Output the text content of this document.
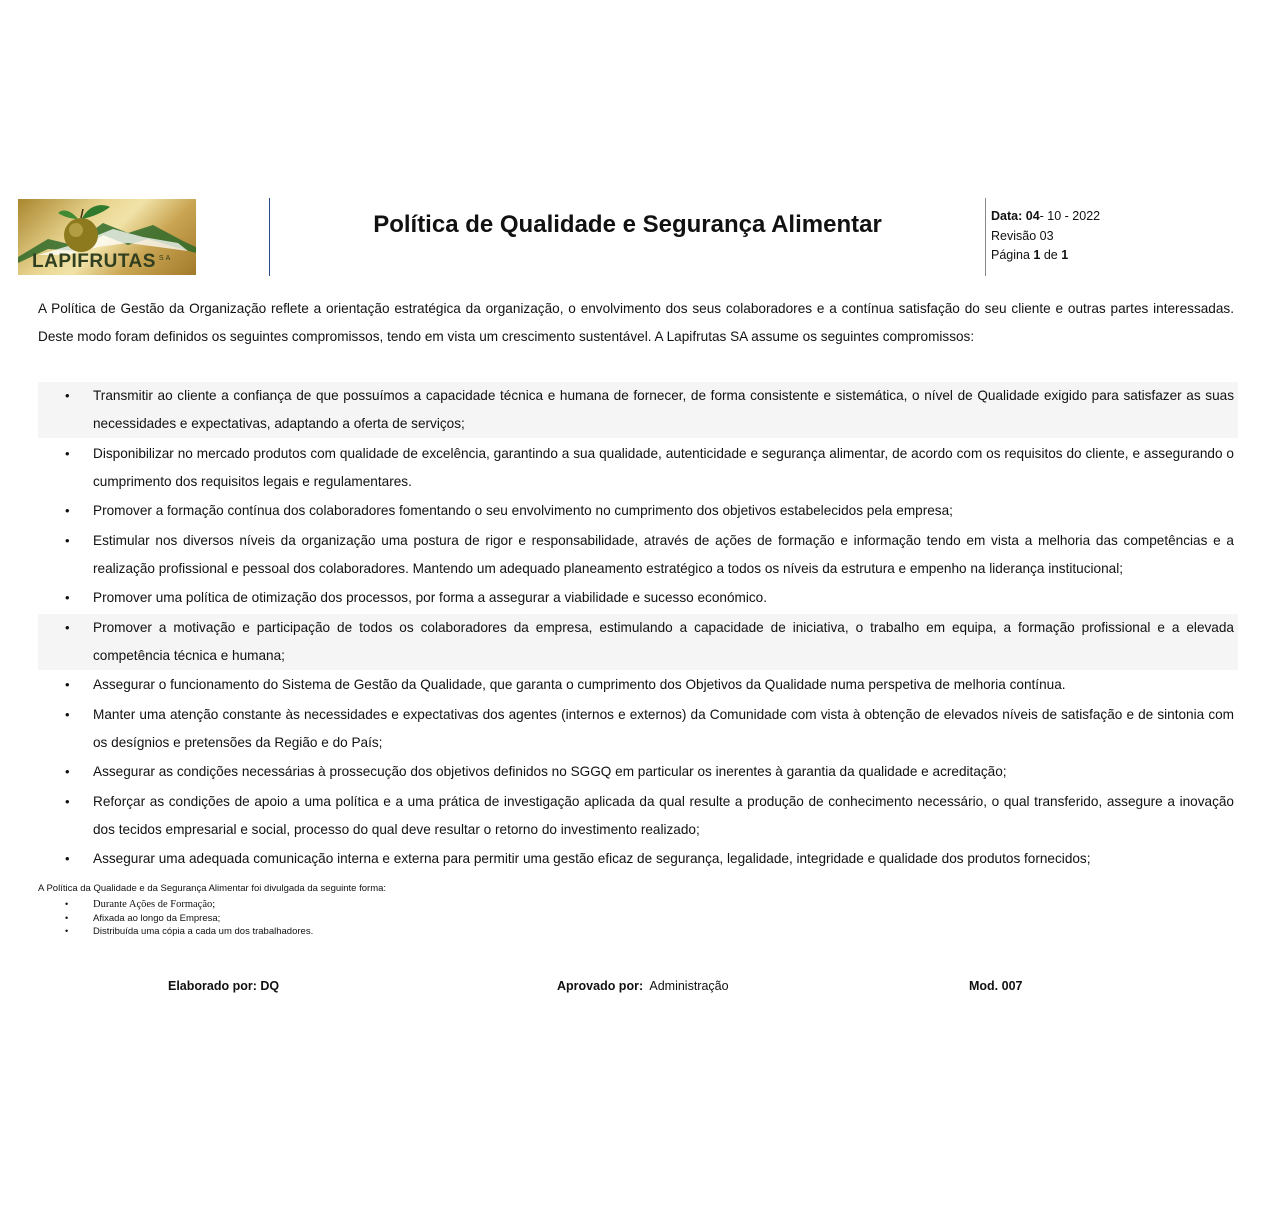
LAPIFRUTAS $^{SA}$
Política de Qualidade e Segurança Alimentar	Data: 04- 10 - 2022
Revisão 03
Página 1 de 1
A Política de Gestão da Organização reflete a orientação estratégica da organização, o envolvimento dos seus colaboradores e a contínua satisfação do seu cliente e outras partes interessadas. Deste modo foram definidos os seguintes compromissos, tendo em vista um crescimento sustentável. A Lapifrutas SA assume os seguintes compromissos:
• Transmitir ao cliente a confiança de que possuímos a capacidade técnica e humana de fornecer, de forma consistente e sistemática, o nível de Qualidade exigido para satisfazer as suas necessidades e expectativas, adaptando a oferta de serviços;
• Disponibilizar no mercado produtos com qualidade de excelência, garantindo a sua qualidade, autenticidade e segurança alimentar, de acordo com os requisitos do cliente, e assegurando o cumprimento dos requisitos legais e regulamentares.
• Promover a formação contínua dos colaboradores fomentando o seu envolvimento no cumprimento dos objetivos estabelecidos pela empresa;
• Estimular nos diversos níveis da organização uma postura de rigor e responsabilidade, através de ações de formação e informação tendo em vista a melhoria das competências e a realização profissional e pessoal dos colaboradores. Mantendo um adequado planeamento estratégico a todos os níveis da estrutura e empenho na liderança institucional;
• Promover uma política de otimização dos processos, por forma a assegurar a viabilidade e sucesso económico.
• Promover a motivação e participação de todos os colaboradores da empresa, estimulando a capacidade de iniciativa, o trabalho em equipa, a formação profissional e a elevada competência técnica e humana;
• Assegurar o funcionamento do Sistema de Gestão da Qualidade, que garanta o cumprimento dos Objetivos da Qualidade numa perspetiva de melhoria contínua.
• Manter uma atenção constante às necessidades e expectativas dos agentes (internos e externos) da Comunidade com vista à obtenção de elevados níveis de satisfação e de sintonia com os desígnios e pretensões da Região e do País;
• Assegurar as condições necessárias à prossecução dos objetivos definidos no SGGQ em particular os inerentes à garantia da qualidade e acreditação;
• Reforçar as condições de apoio a uma política e a uma prática de investigação aplicada da qual resulte a produção de conhecimento necessário, o qual transferido, assegure a inovação dos tecidos empresarial e social, processo do qual deve resultar o retorno do investimento realizado;
• Assegurar uma adequada comunicação interna e externa para permitir uma gestão eficaz de segurança, legalidade, integridade e qualidade dos produtos fornecidos;
A Política da Qualidade e da Segurança Alimentar foi divulgada da seguinte forma:
• Durante Ações de Formação;
•	Afixada ao longo da Empresa;
•	Distribuída uma cópia a cada um dos trabalhadores.
Elaborado por: DQ	Aprovado por: Administração	Mod. 007
